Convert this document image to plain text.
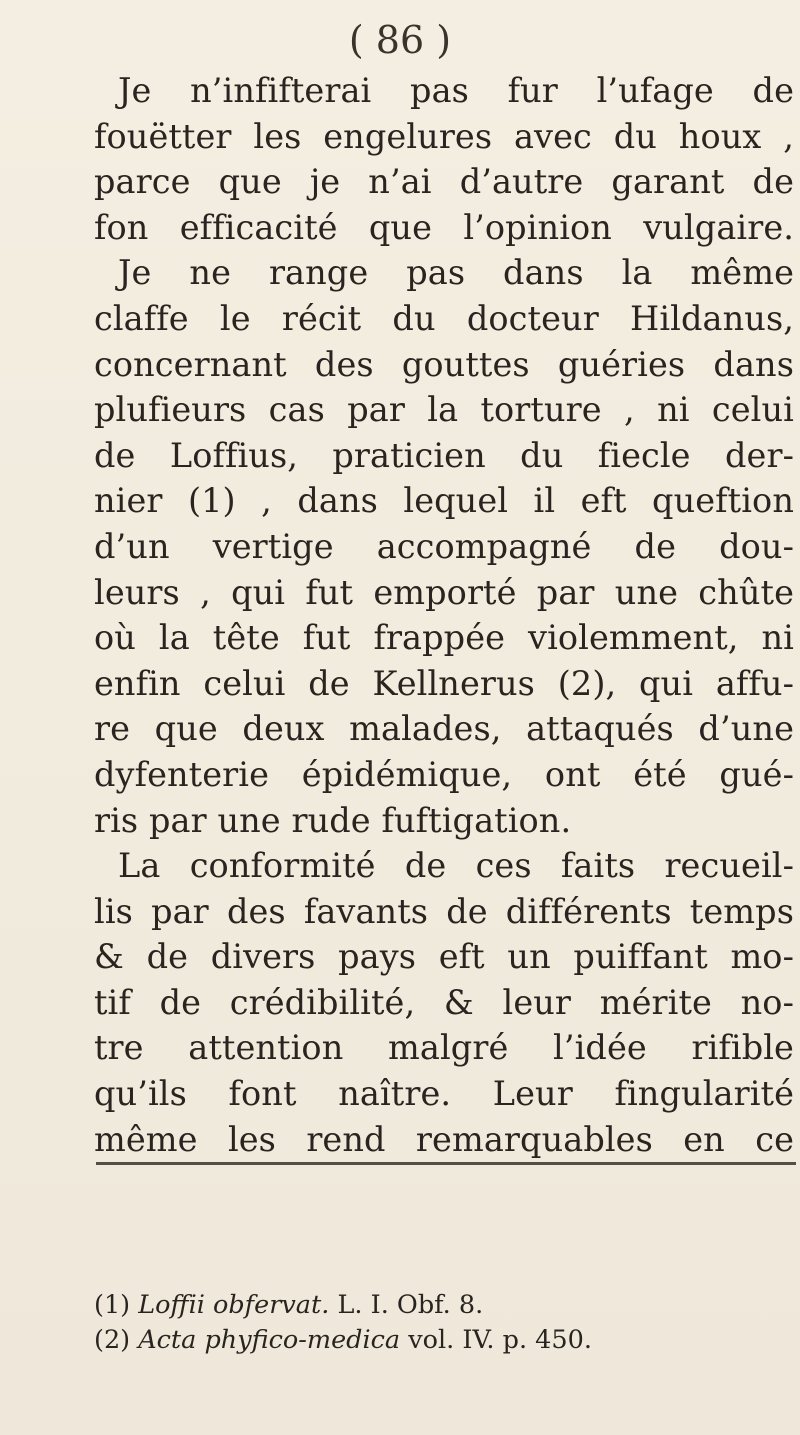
( 86 )
Je n’infifterai pas fur l’ufage de
fouëtter les engelures avec du houx ,
parce que je n’ai d’autre garant de
fon efficacité que l’opinion vulgaire.
Je ne range pas dans la même
claffe le récit du docteur Hildanus,
concernant des gouttes guéries dans
plufieurs cas par la torture , ni celui
de Loffius, praticien du fiecle der-
nier (1) , dans lequel il eft queftion
d’un vertige accompagné de dou-
leurs , qui fut emporté par une chûte
où la tête fut frappée violemment, ni
enfin celui de Kellnerus (2), qui affu-
re que deux malades, attaqués d’une
dyfenterie épidémique, ont été gué-
ris par une rude fuftigation.
La conformité de ces faits recueil-
lis par des favants de différents temps
& de divers pays eft un puiffant mo-
tif de crédibilité, & leur mérite no-
tre attention malgré l’idée rifible
qu’ils font naître. Leur fingularité
même les rend remarquables en ce
(1) Loffii obfervat. L. I. Obf. 8.
(2) Acta phyfico-medica vol. IV. p. 450.
